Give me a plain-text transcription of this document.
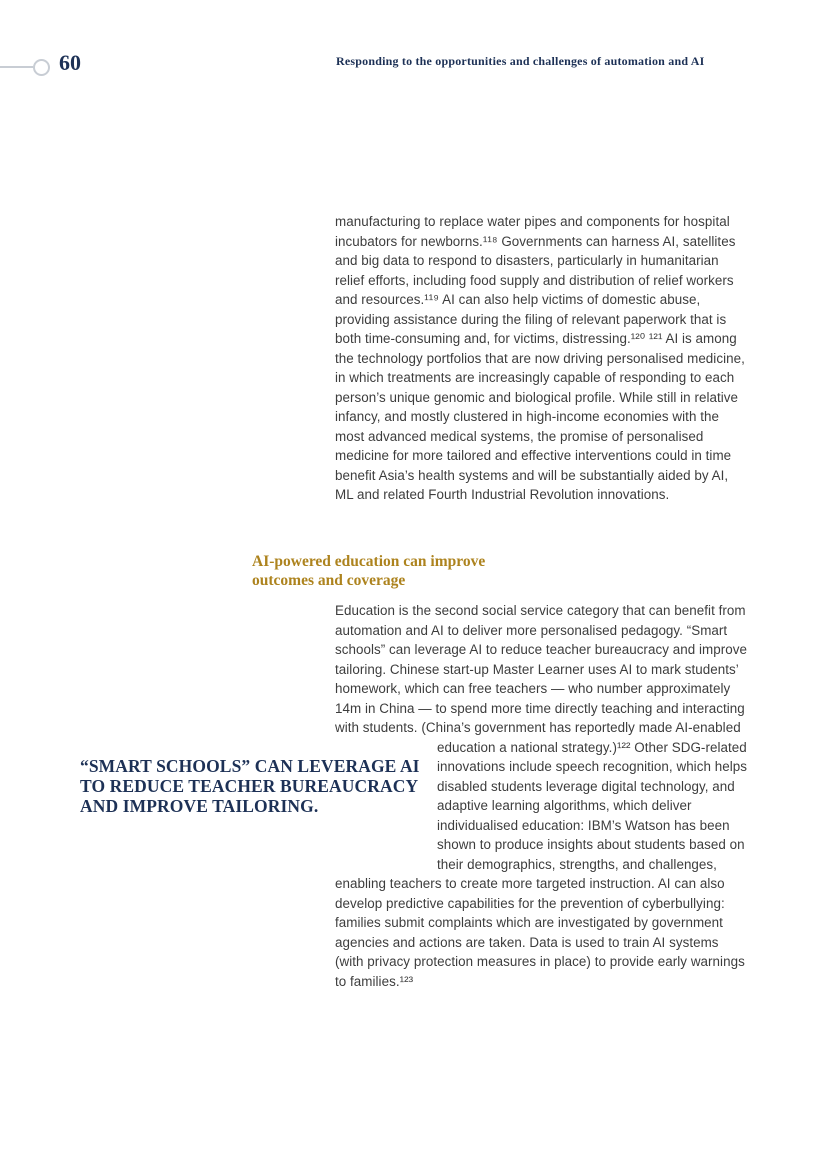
60	Responding to the opportunities and challenges of automation and AI

manufacturing to replace water pipes and components for hospital incubators for newborns.¹¹⁸ Governments can harness AI, satellites and big data to respond to disasters, particularly in humanitarian relief efforts, including food supply and distribution of relief workers and resources.¹¹⁹ AI can also help victims of domestic abuse, providing assistance during the filing of relevant paperwork that is both time-consuming and, for victims, distressing.¹²⁰ ¹²¹ AI is among the technology portfolios that are now driving personalised medicine, in which treatments are increasingly capable of responding to each person’s unique genomic and biological profile. While still in relative infancy, and mostly clustered in high-income economies with the most advanced medical systems, the promise of personalised medicine for more tailored and effective interventions could in time benefit Asia’s health systems and will be substantially aided by AI, ML and related Fourth Industrial Revolution innovations.

AI-powered education can improve outcomes and coverage

Education is the second social service category that can benefit from automation and AI to deliver more personalised pedagogy. “Smart schools” can leverage AI to reduce teacher bureaucracy and improve tailoring. Chinese start-up Master Learner uses AI to mark students’ homework, which can free teachers — who number approximately 14m in China — to spend more time directly teaching and interacting with students. (China’s government has reportedly made AI-enabled
education a national strategy.)¹²² Other SDG-related innovations include speech recognition, which helps disabled students leverage digital technology, and adaptive learning algorithms, which deliver individualised education: IBM’s Watson has been shown to produce insights about students based on their demographics, strengths, and challenges, enabling teachers to create more targeted instruction. AI can also develop predictive capabilities for the prevention of cyberbullying: families submit complaints which are investigated by government agencies and actions are taken. Data is used to train AI systems (with privacy protection measures in place) to provide early warnings to families.¹²³

“SMART SCHOOLS” CAN LEVERAGE AI TO REDUCE TEACHER BUREAUCRACY AND IMPROVE TAILORING.
